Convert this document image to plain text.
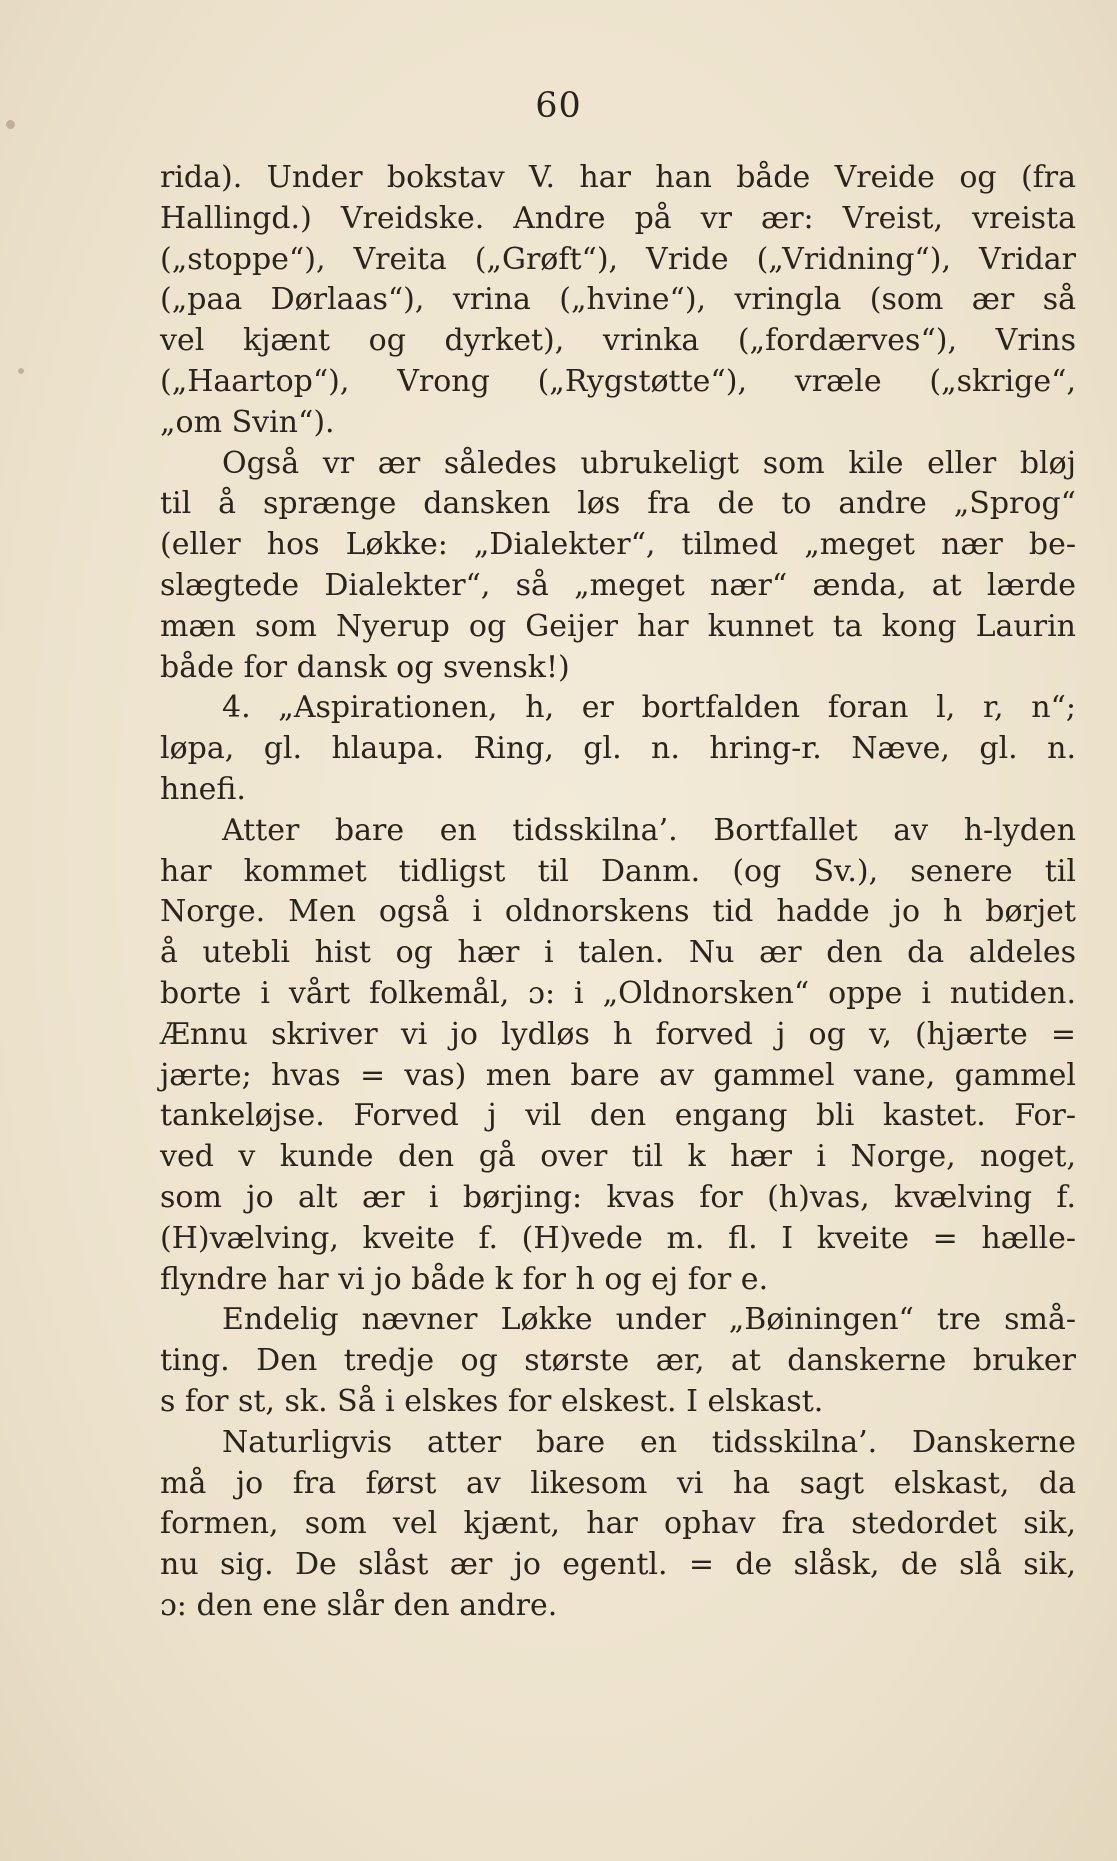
60
rida). Under bokstav V. har han både Vreide og (fra
Hallingd.) Vreidske. Andre på vr ær: Vreist, vreista
(„stoppe“), Vreita („Grøft“), Vride („Vridning“), Vridar
(„paa Dørlaas“), vrina („hvine“), vringla (som ær så
vel kjænt og dyrket), vrinka („fordærves“), Vrins
(„Haartop“), Vrong („Rygstøtte“), vræle („skrige“,
„om Svin“).
Også vr ær således ubrukeligt som kile eller bløj
til å sprænge dansken løs fra de to andre „Sprog“
(eller hos Løkke: „Dialekter“, tilmed „meget nær be-
slægtede Dialekter“, så „meget nær“ ænda, at lærde
mæn som Nyerup og Geijer har kunnet ta kong Laurin
både for dansk og svensk!)
4. „Aspirationen, h, er bortfalden foran l, r, n“;
løpa, gl. hlaupa. Ring, gl. n. hring-r. Næve, gl. n.
hnefi.
Atter bare en tidsskilna’. Bortfallet av h-lyden
har kommet tidligst til Danm. (og Sv.), senere til
Norge. Men også i oldnorskens tid hadde jo h børjet
å utebli hist og hær i talen. Nu ær den da aldeles
borte i vårt folkemål, ɔ: i „Oldnorsken“ oppe i nutiden.
Ænnu skriver vi jo lydløs h forved j og v, (hjærte =
jærte; hvas = vas) men bare av gammel vane, gammel
tankeløjse. Forved j vil den engang bli kastet. For-
ved v kunde den gå over til k hær i Norge, noget,
som jo alt ær i børjing: kvas for (h)vas, kvælving f.
(H)vælving, kveite f. (H)vede m. fl. I kveite = hælle-
flyndre har vi jo både k for h og ej for e.
Endelig nævner Løkke under „Bøiningen“ tre små-
ting. Den tredje og største ær, at danskerne bruker
s for st, sk. Så i elskes for elskest. I elskast.
Naturligvis atter bare en tidsskilna’. Danskerne
må jo fra først av likesom vi ha sagt elskast, da
formen, som vel kjænt, har ophav fra stedordet sik,
nu sig. De slåst ær jo egentl. = de slåsk, de slå sik,
ɔ: den ene slår den andre.
